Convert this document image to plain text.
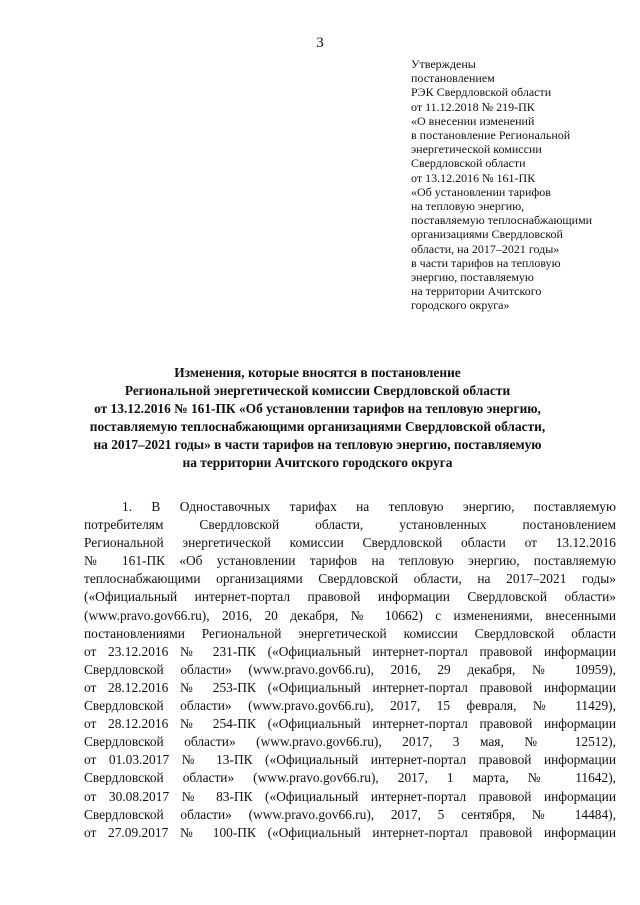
3
Утверждены
постановлением
РЭК Свердловской области
от 11.12.2018 № 219-ПК
«О внесении изменений
в постановление Региональной
энергетической комиссии
Свердловской области
от 13.12.2016 № 161-ПК
«Об установлении тарифов
на тепловую энергию,
поставляемую теплоснабжающими
организациями Свердловской
области, на 2017–2021 годы»
в части тарифов на тепловую
энергию, поставляемую
на территории Ачитского
городского округа»
Изменения, которые вносятся в постановление
Региональной энергетической комиссии Свердловской области
от 13.12.2016 № 161-ПК «Об установлении тарифов на тепловую энергию,
поставляемую теплоснабжающими организациями Свердловской области,
на 2017–2021 годы» в части тарифов на тепловую энергию, поставляемую
на территории Ачитского городского округа
1. В Одноставочных тарифах на тепловую энергию, поставляемую
потребителям Свердловской области, установленных постановлением
Региональной энергетической комиссии Свердловской области от 13.12.2016
№ 161-ПК «Об установлении тарифов на тепловую энергию, поставляемую
теплоснабжающими организациями Свердловской области, на 2017–2021 годы»
(«Официальный интернет-портал правовой информации Свердловской области»
(www.pravo.gov66.ru), 2016, 20 декабря, № 10662) с изменениями, внесенными
постановлениями Региональной энергетической комиссии Свердловской области
от 23.12.2016 № 231-ПК («Официальный интернет-портал правовой информации
Свердловской области» (www.pravo.gov66.ru), 2016, 29 декабря, № 10959),
от 28.12.2016 № 253-ПК («Официальный интернет-портал правовой информации
Свердловской области» (www.pravo.gov66.ru), 2017, 15 февраля, № 11429),
от 28.12.2016 № 254-ПК («Официальный интернет-портал правовой информации
Свердловской области» (www.pravo.gov66.ru), 2017, 3 мая, № 12512),
от 01.03.2017 № 13-ПК («Официальный интернет-портал правовой информации
Свердловской области» (www.pravo.gov66.ru), 2017, 1 марта, № 11642),
от 30.08.2017 № 83-ПК («Официальный интернет-портал правовой информации
Свердловской области» (www.pravo.gov66.ru), 2017, 5 сентября, № 14484),
от 27.09.2017 № 100-ПК («Официальный интернет-портал правовой информации
